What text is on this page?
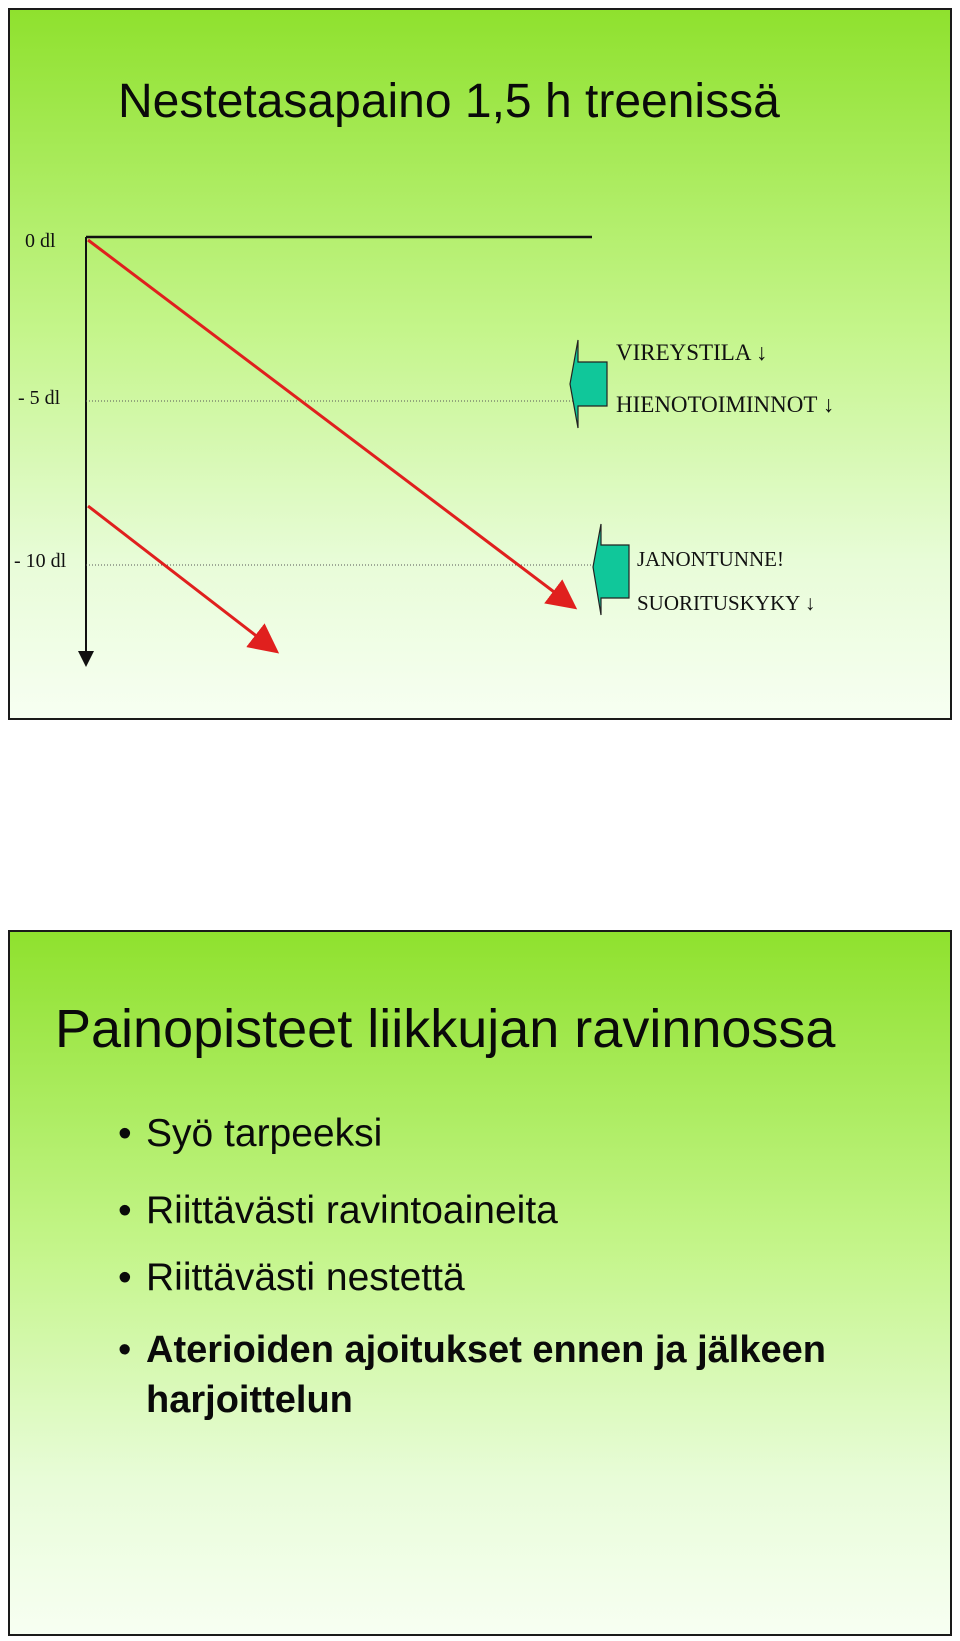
Nestetasapaino 1,5 h treenissä
0 dl
- 5 dl
- 10 dl
VIREYSTILA ↓
HIENOTOIMINNOT ↓
JANONTUNNE!
SUORITUSKYKY ↓
Painopisteet liikkujan ravinnossa
• Syö tarpeeksi
• Riittävästi ravintoaineita
• Riittävästi nestettä
• Aterioiden ajoitukset ennen ja jälkeen harjoittelun
